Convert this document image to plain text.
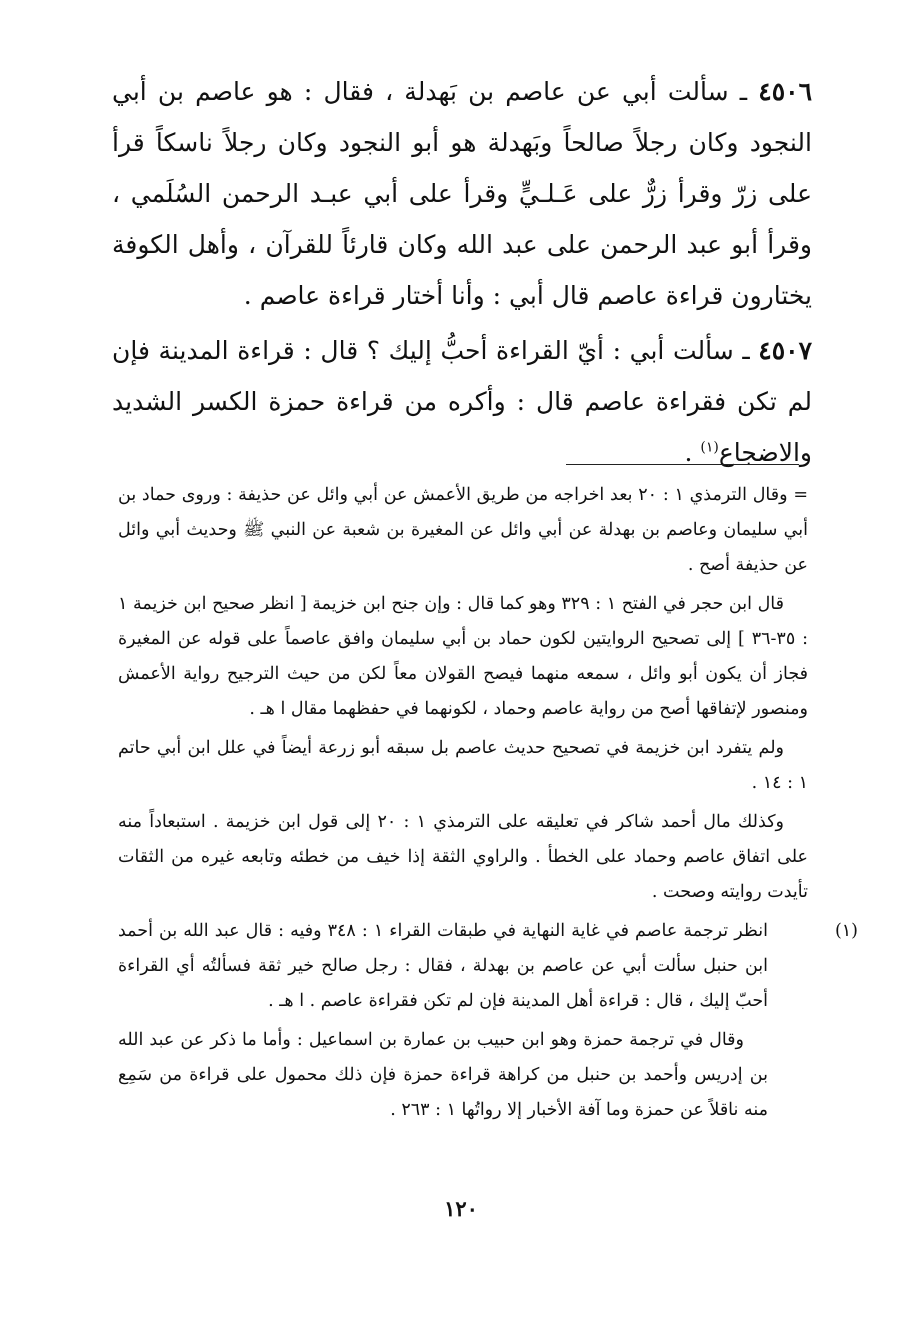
٤٥٠٦ ـ سألت أبي عن عاصم بن بَهدلة ، فقال : هو عاصم بن أبي النجود وكان رجلاً صالحاً وبَهدلة هو أبو النجود وكان رجلاً ناسكاً قرأ على زرّ وقرأ زرٌّ على عَـلـيٍّ وقرأ على أبي عبـد الرحمن السُلَمي ، وقرأ أبو عبد الرحمن على عبد الله وكان قارئاً للقرآن ، وأهل الكوفة يختارون قراءة عاصم قال أبي : وأنا أختار قراءة عاصم .

٤٥٠٧ ـ سألت أبي : أيّ القراءة أحبُّ إليك ؟ قال : قراءة المدينة فإن لم تكن فقراءة عاصم قال : وأكره من قراءة حمزة الكسر الشديد والاضجاع$^{(١)}$ .

= وقال الترمذي ١ : ٢٠ بعد اخراجه من طريق الأعمش عن أبي وائل عن حذيفة : وروى حماد بن أبي سليمان وعاصم بن بهدلة عن أبي وائل عن المغيرة بن شعبة عن النبي ﷺ وحديث أبي وائل عن حذيفة أصح .

قال ابن حجر في الفتح ١ : ٣٢٩ وهو كما قال : وإن جنح ابن خزيمة [ انظر صحيح ابن خزيمة ١ : ٣٥-٣٦ ] إلى تصحيح الروايتين لكون حماد بن أبي سليمان وافق عاصماً على قوله عن المغيرة فجاز أن يكون أبو وائل ، سمعه منهما فيصح القولان معاً لكن من حيث الترجيح رواية الأعمش ومنصور لإتفاقها أصح من رواية عاصم وحماد ، لكونهما في حفظهما مقال ا هـ .

ولم يتفرد ابن خزيمة في تصحيح حديث عاصم بل سبقه أبو زرعة أيضاً في علل ابن أبي حاتم ١ : ١٤ .

وكذلك مال أحمد شاكر في تعليقه على الترمذي ١ : ٢٠ إلى قول ابن خزيمة . استبعاداً منه على اتفاق عاصم وحماد على الخطأ . والراوي الثقة إذا خيف من خطئه وتابعه غيره من الثقات تأيدت روايته وصحت .

(١)

انظر ترجمة عاصم في غاية النهاية في طبقات القراء ١ : ٣٤٨ وفيه : قال عبد الله بن أحمد ابن حنبل سألت أبي عن عاصم بن بهدلة ، فقال : رجل صالح خير ثقة فسألتُه أي القراءة أحبّ إليك ، قال : قراءة أهل المدينة فإن لم تكن فقراءة عاصم . ا هـ .

وقال في ترجمة حمزة وهو ابن حبيب بن عمارة بن اسماعيل : وأما ما ذكر عن عبد الله بن إدريس وأحمد بن حنبل من كراهة قراءة حمزة فإن ذلك محمول على قراءة من سَمِع منه ناقلاً عن حمزة وما آفة الأخبار إلا رواتُها ١ : ٢٦٣ .

١٢٠
